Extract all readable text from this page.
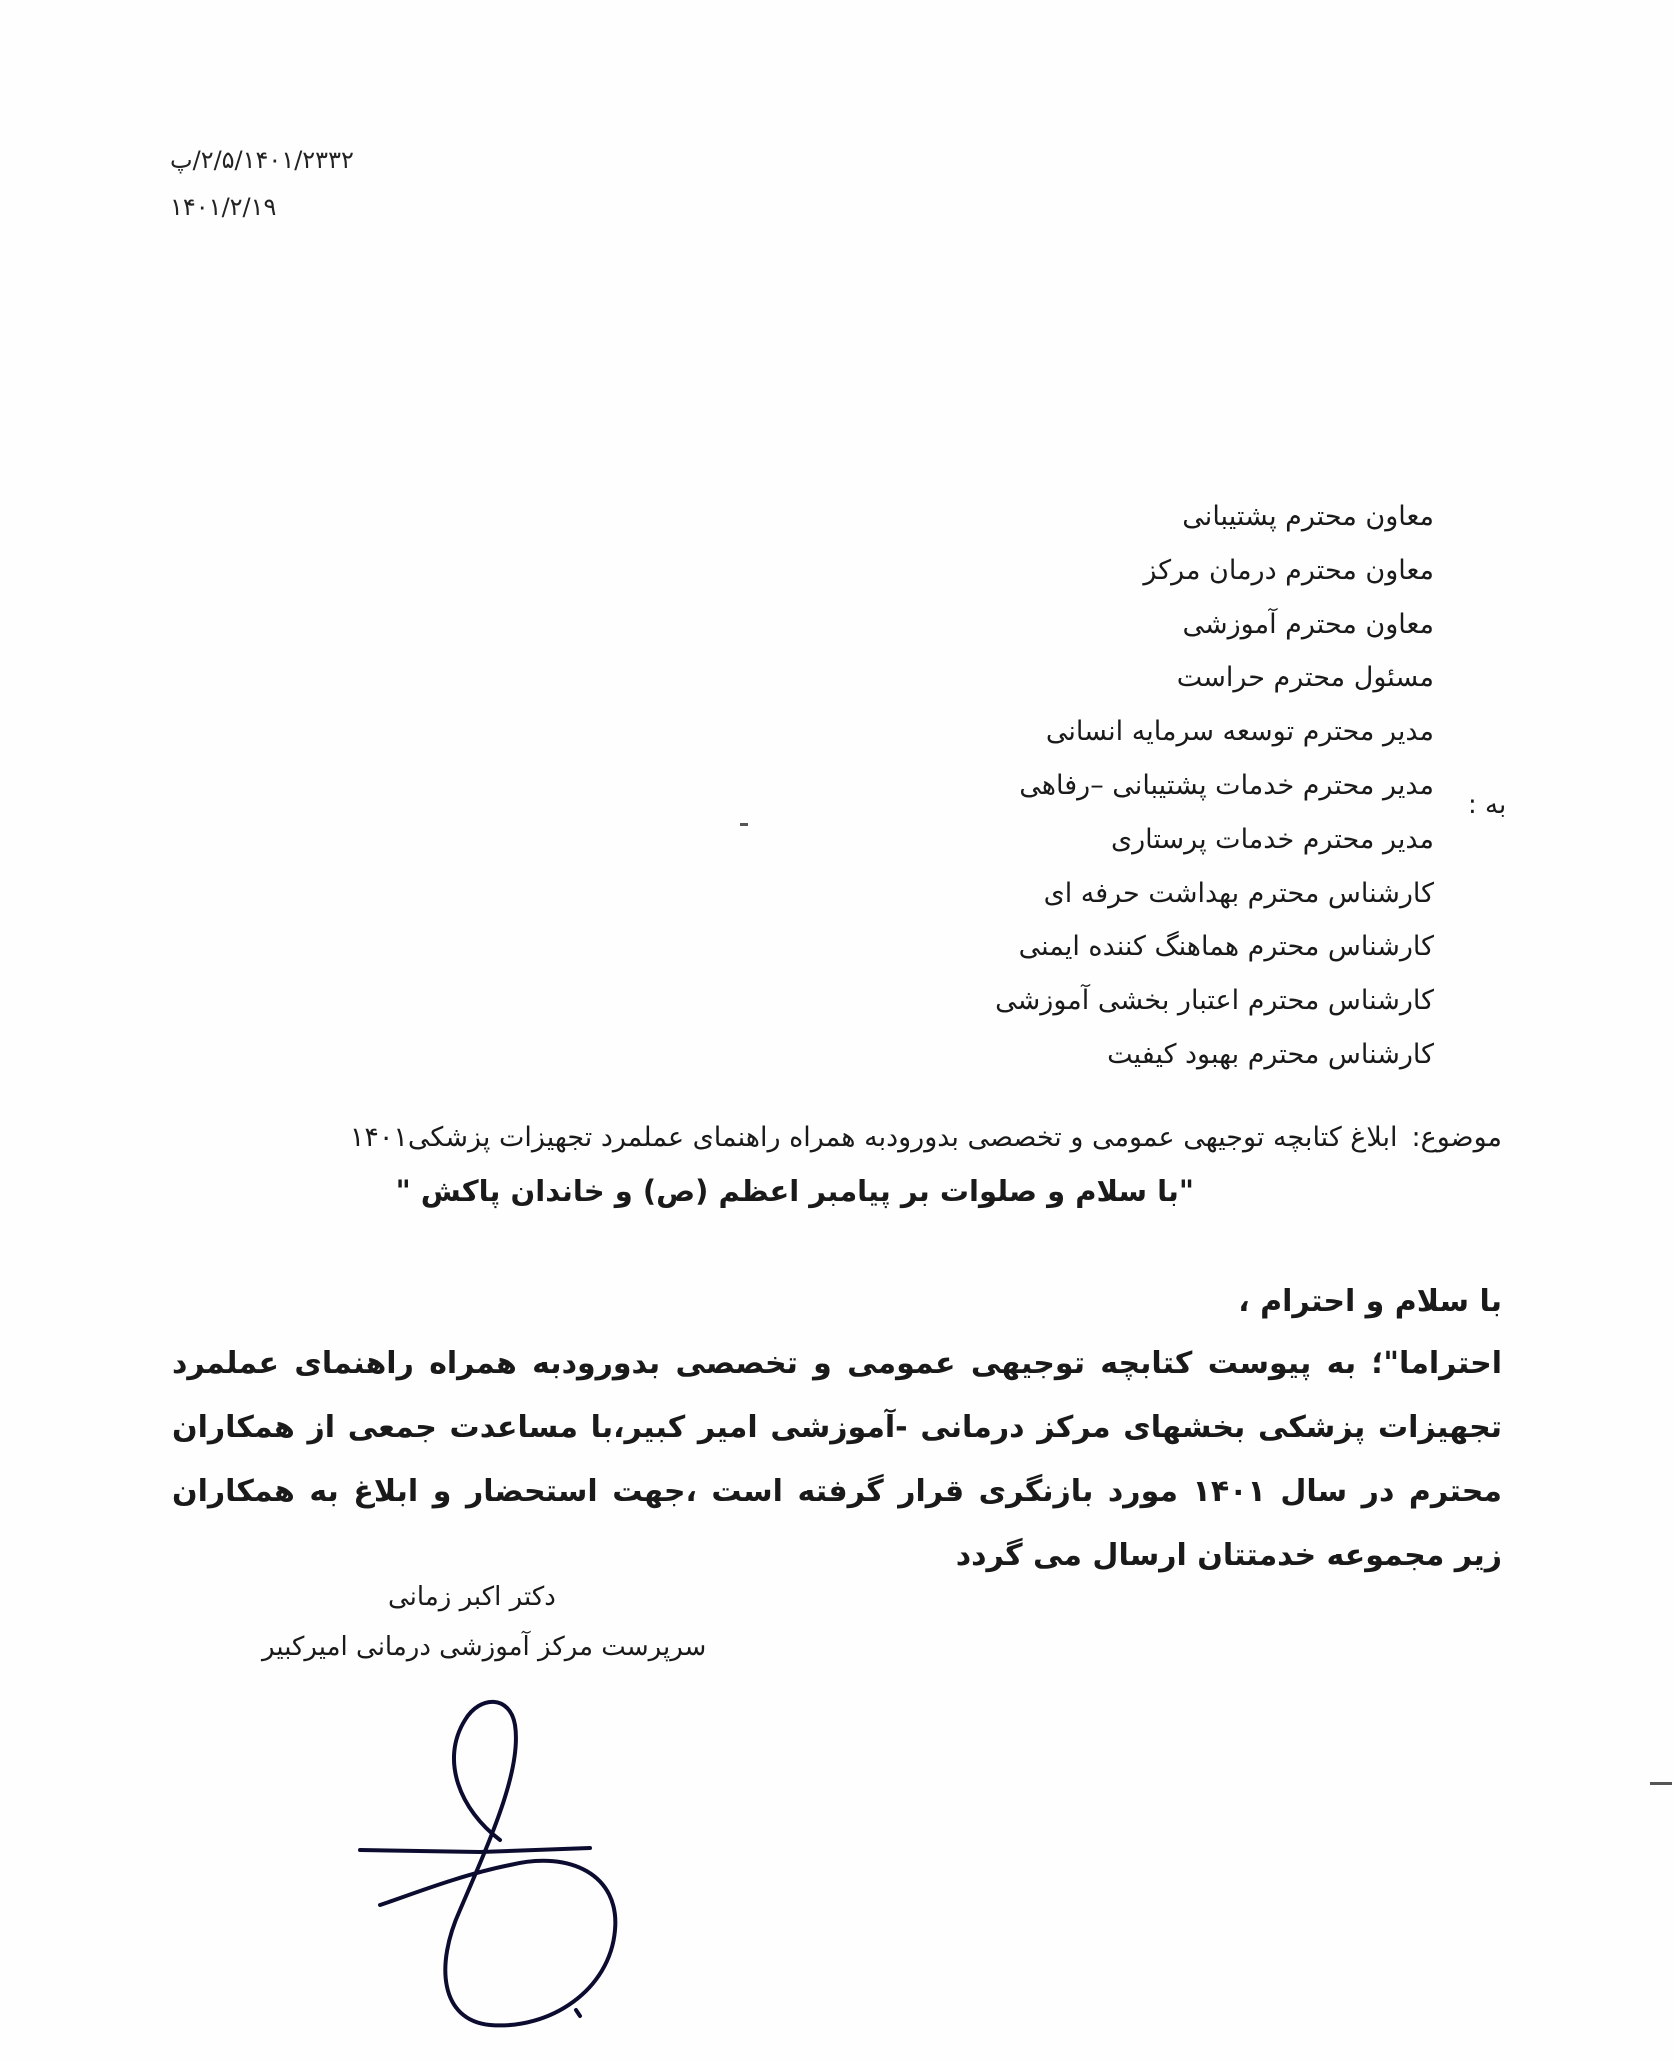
۲/۵/۱۴۰۱/۲۳۳۲/پ
۱۴۰۱/۲/۱۹
معاون محترم پشتیبانی
معاون محترم درمان مرکز
معاون محترم آموزشی
مسئول محترم حراست
مدیر محترم توسعه سرمایه انسانی
مدیر محترم خدمات پشتیبانی –رفاهی
مدیر محترم خدمات پرستاری
کارشناس محترم بهداشت حرفه ای
کارشناس محترم هماهنگ کننده ایمنی
کارشناس محترم اعتبار بخشی آموزشی
کارشناس محترم بهبود کیفیت
به :
موضوع:ابلاغ کتابچه توجیهی عمومی و تخصصی بدورودبه همراه راهنمای عملمرد تجهیزات پزشکی۱۴۰۱
"با سلام و صلوات بر پیامبر اعظم (ص) و خاندان پاکش "
با سلام و احترام ،
احتراما"؛ به پیوست کتابچه توجیهی عمومی و تخصصی بدورودبه همراه راهنمای عملمرد تجهیزات پزشکی بخشهای مرکز درمانی -آموزشی امیر کبیر،با مساعدت جمعی از همکاران محترم در سال ۱۴۰۱ مورد بازنگری قرار گرفته است ،جهت استحضار و ابلاغ به همکاران زیر مجموعه خدمتتان ارسال می گردد
دکتر اکبر زمانی
سرپرست مرکز آموزشی درمانی امیرکبیر
